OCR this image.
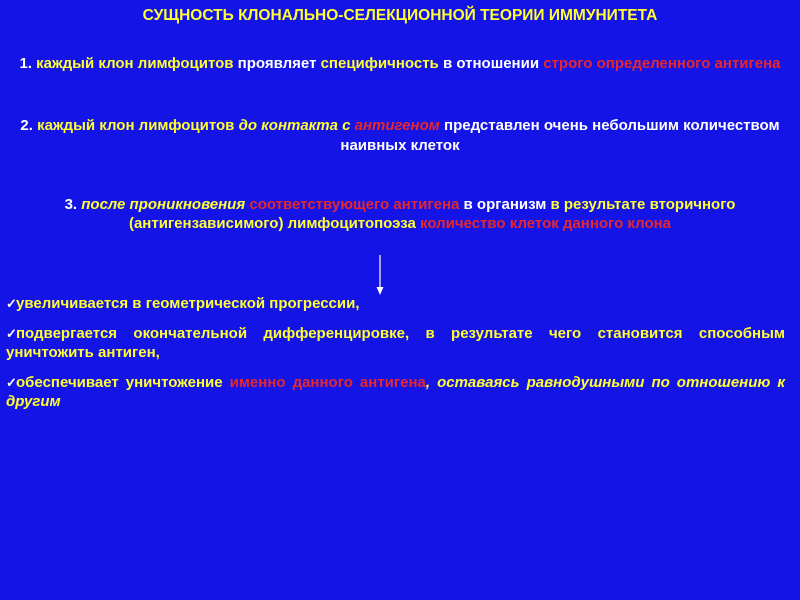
СУЩНОСТЬ КЛОНАЛЬНО-СЕЛЕКЦИОННОЙ ТЕОРИИ ИММУНИТЕТА
1. каждый клон лимфоцитов проявляет специфичность в отношении строго определенного антигена
2. каждый клон лимфоцитов до контакта с антигеном представлен очень небольшим количеством наивных клеток
3. после проникновения соответствующего антигена в организм в результате вторичного (антигензависимого) лимфоцитопоэза количество клеток данного клона
✓увеличивается в геометрической прогрессии,
✓подвергается окончательной дифференцировке, в результате чего становится способным уничтожить антиген,
✓обеспечивает уничтожение именно данного антигена, оставаясь равнодушными по отношению к другим
